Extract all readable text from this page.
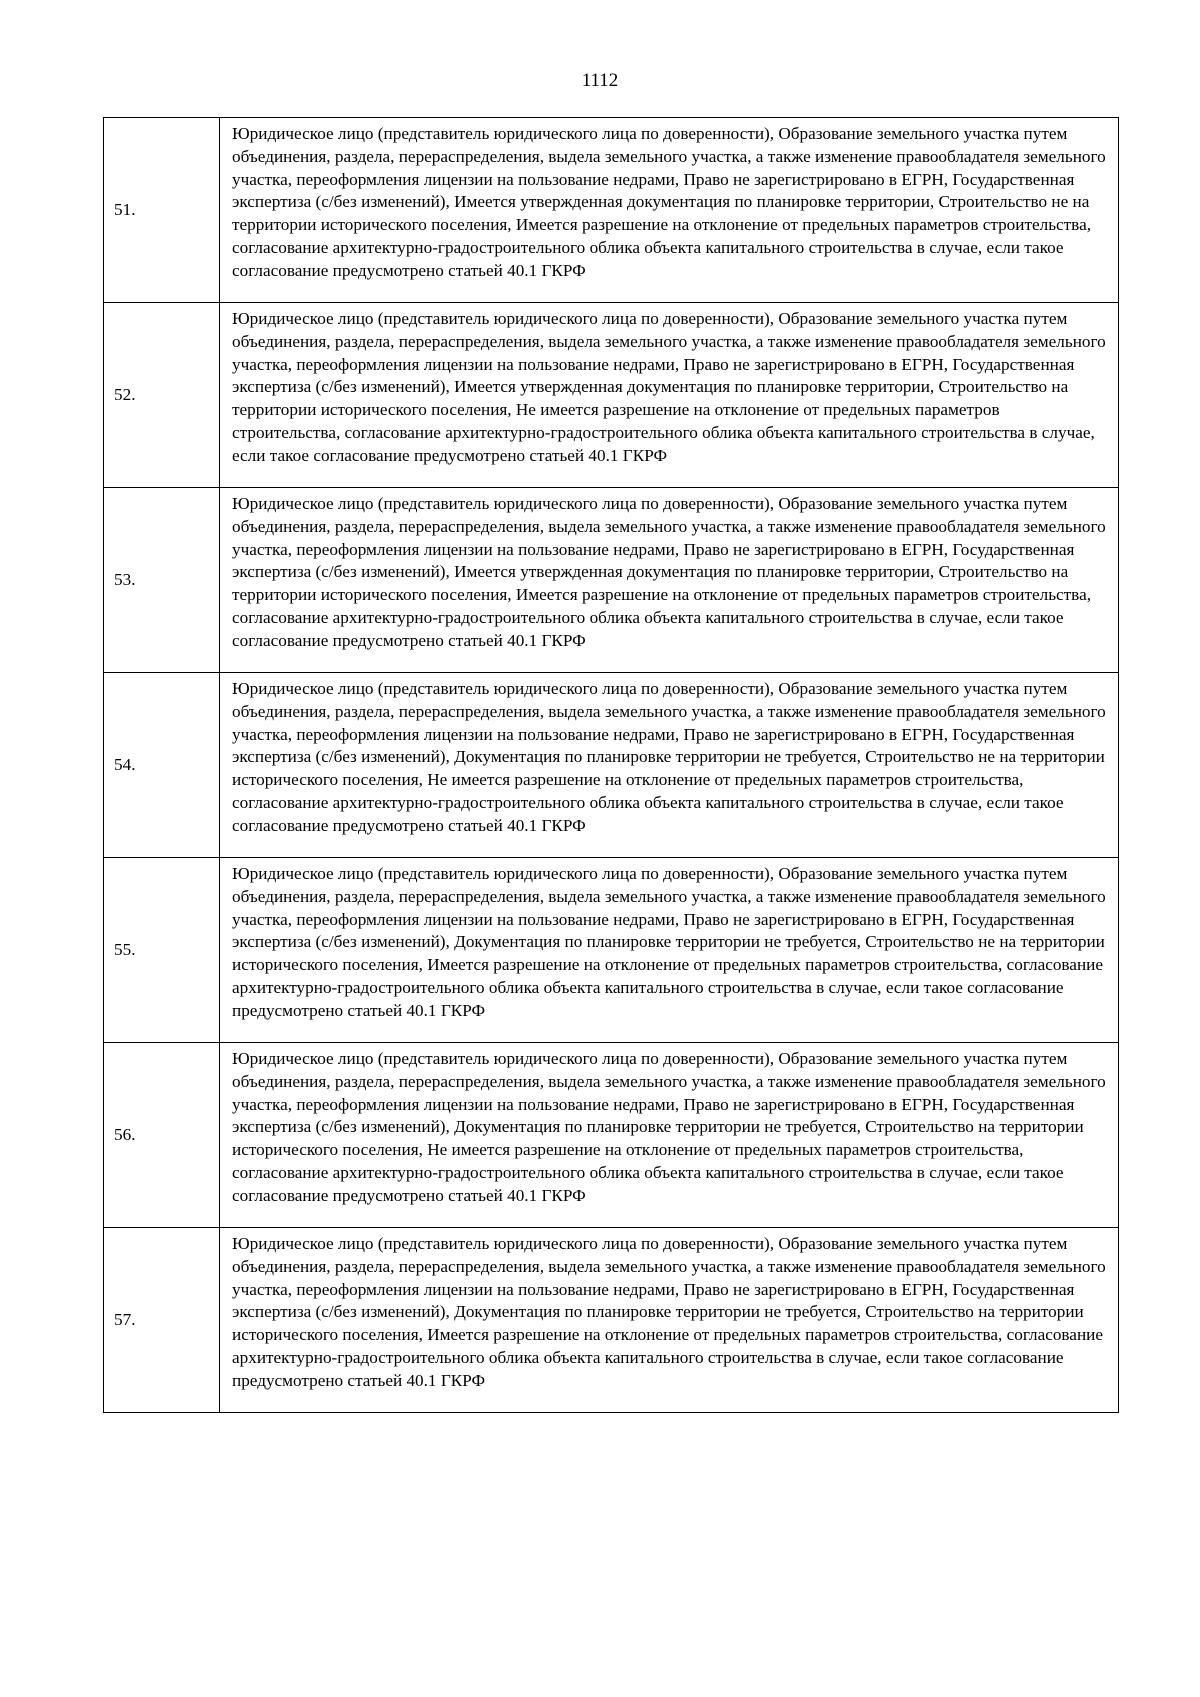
1112
51.	Юридическое лицо (представитель юридического лица по доверенности), Образование земельного участка путем объединения, раздела, перераспределения, выдела земельного участка, а также изменение правообладателя земельного участка, переоформления лицензии на пользование недрами, Право не зарегистрировано в ЕГРН, Государственная экспертиза (с/без изменений), Имеется утвержденная документация по планировке территории, Строительство не на территории исторического поселения, Имеется разрешение на отклонение от предельных параметров строительства, согласование архитектурно-градостроительного облика объекта капитального строительства в случае, если такое согласование предусмотрено статьей 40.1 ГКРФ
52.	Юридическое лицо (представитель юридического лица по доверенности), Образование земельного участка путем объединения, раздела, перераспределения, выдела земельного участка, а также изменение правообладателя земельного участка, переоформления лицензии на пользование недрами, Право не зарегистрировано в ЕГРН, Государственная экспертиза (с/без изменений), Имеется утвержденная документация по планировке территории, Строительство на территории исторического поселения, Не имеется разрешение на отклонение от предельных параметров строительства, согласование архитектурно-градостроительного облика объекта капитального строительства в случае, если такое согласование предусмотрено статьей 40.1 ГКРФ
53.	Юридическое лицо (представитель юридического лица по доверенности), Образование земельного участка путем объединения, раздела, перераспределения, выдела земельного участка, а также изменение правообладателя земельного участка, переоформления лицензии на пользование недрами, Право не зарегистрировано в ЕГРН, Государственная экспертиза (с/без изменений), Имеется утвержденная документация по планировке территории, Строительство на территории исторического поселения, Имеется разрешение на отклонение от предельных параметров строительства, согласование архитектурно-градостроительного облика объекта капитального строительства в случае, если такое согласование предусмотрено статьей 40.1 ГКРФ
54.	Юридическое лицо (представитель юридического лица по доверенности), Образование земельного участка путем объединения, раздела, перераспределения, выдела земельного участка, а также изменение правообладателя земельного участка, переоформления лицензии на пользование недрами, Право не зарегистрировано в ЕГРН, Государственная экспертиза (с/без изменений), Документация по планировке территории не требуется, Строительство не на территории исторического поселения, Не имеется разрешение на отклонение от предельных параметров строительства, согласование архитектурно-градостроительного облика объекта капитального строительства в случае, если такое согласование предусмотрено статьей 40.1 ГКРФ
55.	Юридическое лицо (представитель юридического лица по доверенности), Образование земельного участка путем объединения, раздела, перераспределения, выдела земельного участка, а также изменение правообладателя земельного участка, переоформления лицензии на пользование недрами, Право не зарегистрировано в ЕГРН, Государственная экспертиза (с/без изменений), Документация по планировке территории не требуется, Строительство не на территории исторического поселения, Имеется разрешение на отклонение от предельных параметров строительства, согласование архитектурно-градостроительного облика объекта капитального строительства в случае, если такое согласование предусмотрено статьей 40.1 ГКРФ
56.	Юридическое лицо (представитель юридического лица по доверенности), Образование земельного участка путем объединения, раздела, перераспределения, выдела земельного участка, а также изменение правообладателя земельного участка, переоформления лицензии на пользование недрами, Право не зарегистрировано в ЕГРН, Государственная экспертиза (с/без изменений), Документация по планировке территории не требуется, Строительство на территории исторического поселения, Не имеется разрешение на отклонение от предельных параметров строительства, согласование архитектурно-градостроительного облика объекта капитального строительства в случае, если такое согласование предусмотрено статьей 40.1 ГКРФ
57.	Юридическое лицо (представитель юридического лица по доверенности), Образование земельного участка путем объединения, раздела, перераспределения, выдела земельного участка, а также изменение правообладателя земельного участка, переоформления лицензии на пользование недрами, Право не зарегистрировано в ЕГРН, Государственная экспертиза (с/без изменений), Документация по планировке территории не требуется, Строительство на территории исторического поселения, Имеется разрешение на отклонение от предельных параметров строительства, согласование архитектурно-градостроительного облика объекта капитального строительства в случае, если такое согласование предусмотрено статьей 40.1 ГКРФ
